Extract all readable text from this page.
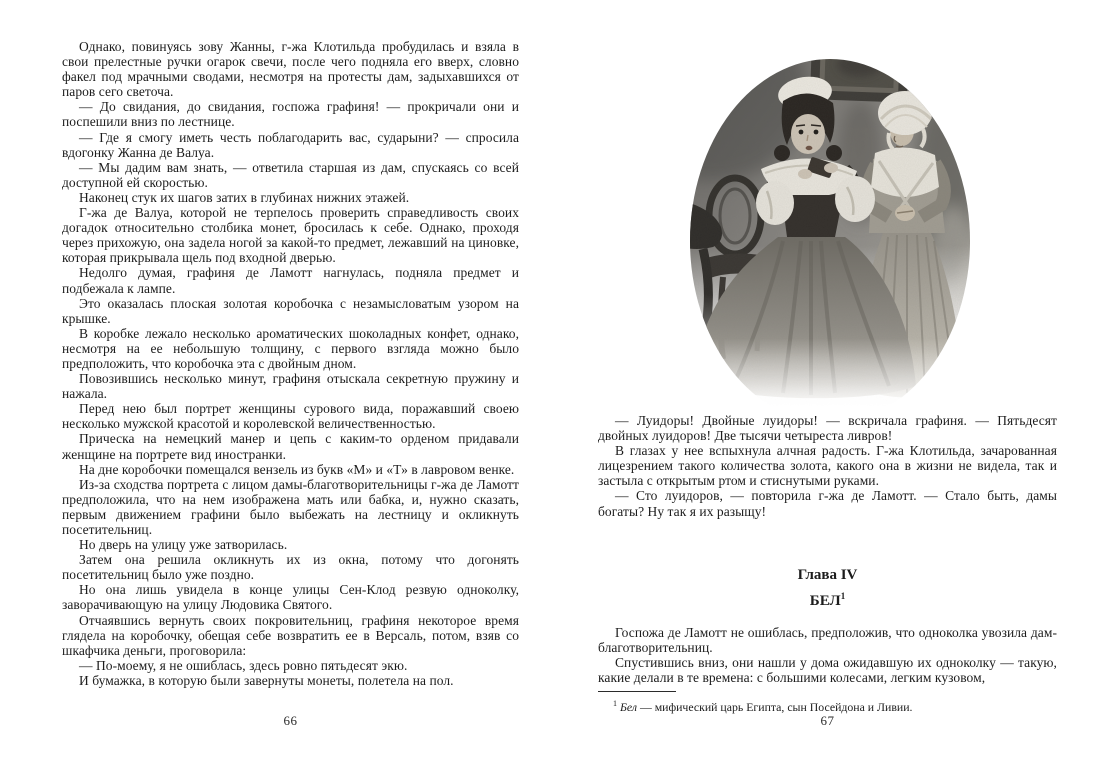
Однако, повинуясь зову Жанны, г-жа Клотильда пробудилась и взяла в свои прелестные ручки огарок свечи, после чего подняла его вверх, словно факел под мрачными сводами, несмотря на протесты дам, задыхавшихся от паров сего светоча.

— До свидания, до свидания, госпожа графиня! — прокричали они и поспешили вниз по лестнице.

— Где я смогу иметь честь поблагодарить вас, сударыни? — спросила вдогонку Жанна де Валуа.

— Мы дадим вам знать, — ответила старшая из дам, спускаясь со всей доступной ей скоростью.

Наконец стук их шагов затих в глубинах нижних этажей.

Г-жа де Валуа, которой не терпелось проверить справедливость своих догадок относительно столбика монет, бросилась к себе. Однако, проходя через прихожую, она задела ногой за какой-то предмет, лежавший на циновке, которая прикрывала щель под входной дверью.

Недолго думая, графиня де Ламотт нагнулась, подняла предмет и подбежала к лампе.

Это оказалась плоская золотая коробочка с незамысловатым узором на крышке.

В коробке лежало несколько ароматических шоколадных конфет, однако, несмотря на ее небольшую толщину, с первого взгляда можно было предположить, что коробочка эта с двойным дном.

Повозившись несколько минут, графиня отыскала секретную пружину и нажала.

Перед нею был портрет женщины сурового вида, поражавший своею несколько мужской красотой и королевской величественностью.

Прическа на немецкий манер и цепь с каким-то орденом придавали женщине на портрете вид иностранки.

На дне коробочки помещался вензель из букв «М» и «Т» в лавровом венке.

Из-за сходства портрета с лицом дамы-благотворительницы г-жа де Ламотт предположила, что на нем изображена мать или бабка, и, нужно сказать, первым движением графини было выбежать на лестницу и окликнуть посетительниц.

Но дверь на улицу уже затворилась.

Затем она решила окликнуть их из окна, потому что догонять посетительниц было уже поздно.

Но она лишь увидела в конце улицы Сен-Клод резвую одноколку, заворачивающую на улицу Людовика Святого.

Отчаявшись вернуть своих покровительниц, графиня некоторое время глядела на коробочку, обещая себе возвратить ее в Версаль, потом, взяв со шкафчика деньги, проговорила:

— По-моему, я не ошиблась, здесь ровно пятьдесят экю.

И бумажка, в которую были завернуты монеты, полетела на пол.

66

— Луидоры! Двойные луидоры! — вскричала графиня. — Пятьдесят двойных луидоров! Две тысячи четыреста ливров!

В глазах у нее вспыхнула алчная радость. Г-жа Клотильда, зачарованная лицезрением такого количества золота, какого она в жизни не видела, так и застыла с открытым ртом и стиснутыми руками.

— Сто луидоров, — повторила г-жа де Ламотт. — Стало быть, дамы богаты? Ну так я их разыщу!

Глава IV
БЕЛ$^1$

Госпожа де Ламотт не ошиблась, предположив, что одноколка увозила дам-благотворительниц.

Спустившись вниз, они нашли у дома ожидавшую их одноколку — такую, какие делали в те времена: с большими колесами, легким кузовом,

$^1$ Бел — мифический царь Египта, сын Посейдона и Ливии.

67
